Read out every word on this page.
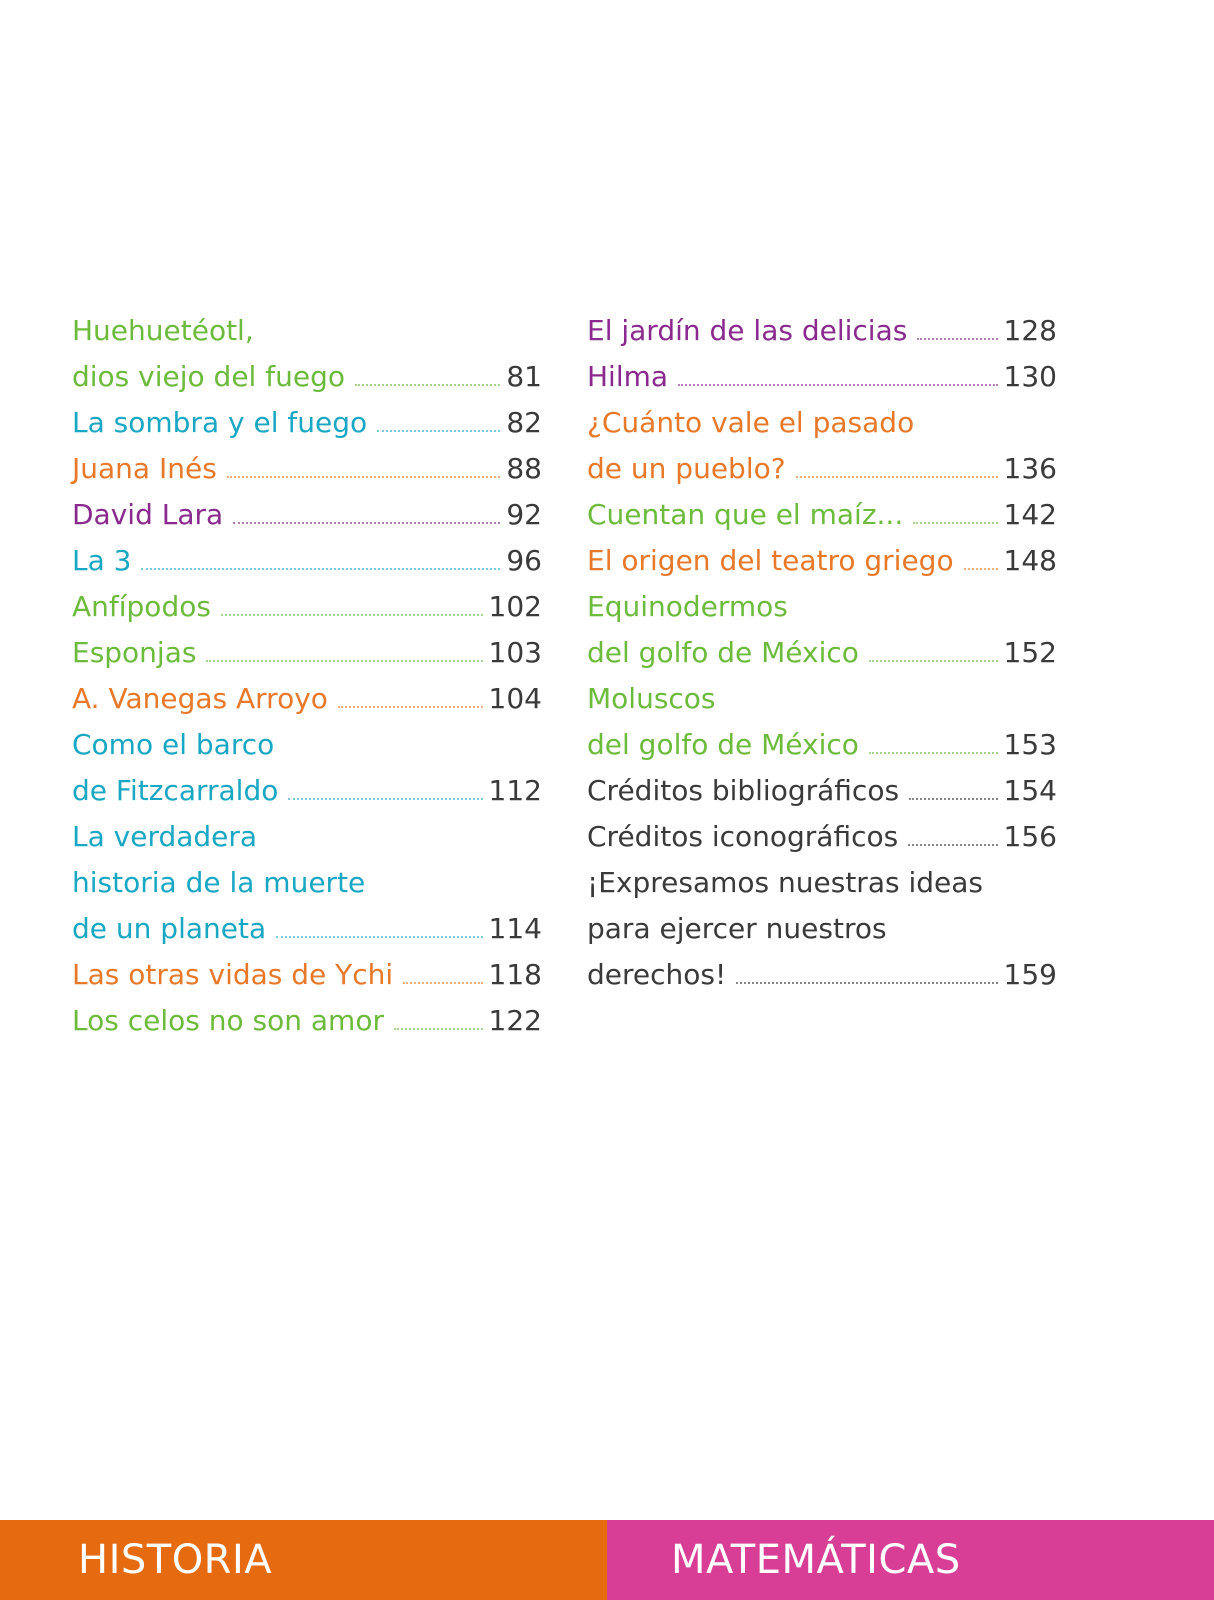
Huehuetéotl,
dios viejo del fuego	81
La sombra y el fuego	82
Juana Inés	88
David Lara	92
La 3	96
Anfípodos	102
Esponjas	103
A. Vanegas Arroyo	104
Como el barco
de Fitzcarraldo	112
La verdadera
historia de la muerte
de un planeta	114
Las otras vidas de Ychi	118
Los celos no son amor	122
El jardín de las delicias	128
Hilma	130
¿Cuánto vale el pasado
de un pueblo?	136
Cuentan que el maíz...	142
El origen del teatro griego 148
Equinodermos
del golfo de México	152
Moluscos
del golfo de México	153
Créditos bibliográficos	154
Créditos iconográficos	156
¡Expresamos nuestras ideas
para ejercer nuestros
derechos!	159
HISTORIA	MATEMÁTICAS
